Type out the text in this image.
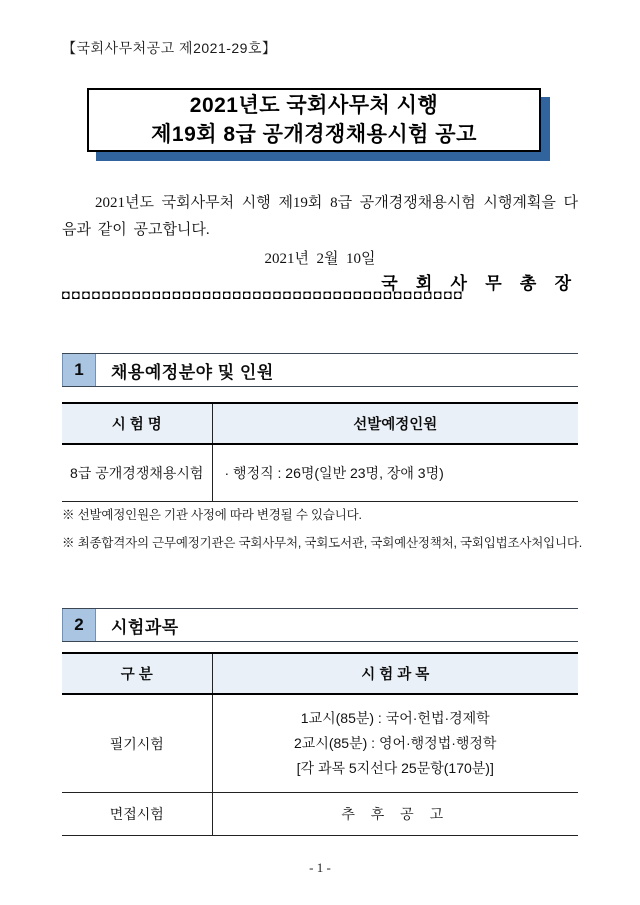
【국회사무처공고 제2021-29호】
2021년도 국회사무처 시행
제19회 8급 공개경쟁채용시험 공고

2021년도 국회사무처 시행 제19회 8급 공개경쟁채용시험 시행계획을 다음과 같이 공고합니다.

2021년  2월  10일
국 회 사 무 총 장
◘◘◘◘◘◘◘◘◘◘◘◘◘◘◘◘◘◘◘◘◘◘◘◘◘◘◘◘◘◘◘◘◘◘◘◘◘◘◘◘
1	채용예정분야 및 인원
시 험 명	선발예정인원
8급 공개경쟁채용시험	· 행정직 : 26명(일반 23명, 장애 3명)
※ 선발예정인원은 기관 사정에 따라 변경될 수 있습니다.
※ 최종합격자의 근무예정기관은 국회사무처, 국회도서관, 국회예산정책처, 국회입법조사처입니다.
2	시험과목
구 분	시 험 과 목
필기시험	1교시(85분) : 국어·헌법·경제학
2교시(85분) : 영어·행정법·행정학
[각 과목 5지선다 25문항(170분)]

면접시험	추 후 공 고
- 1 -
